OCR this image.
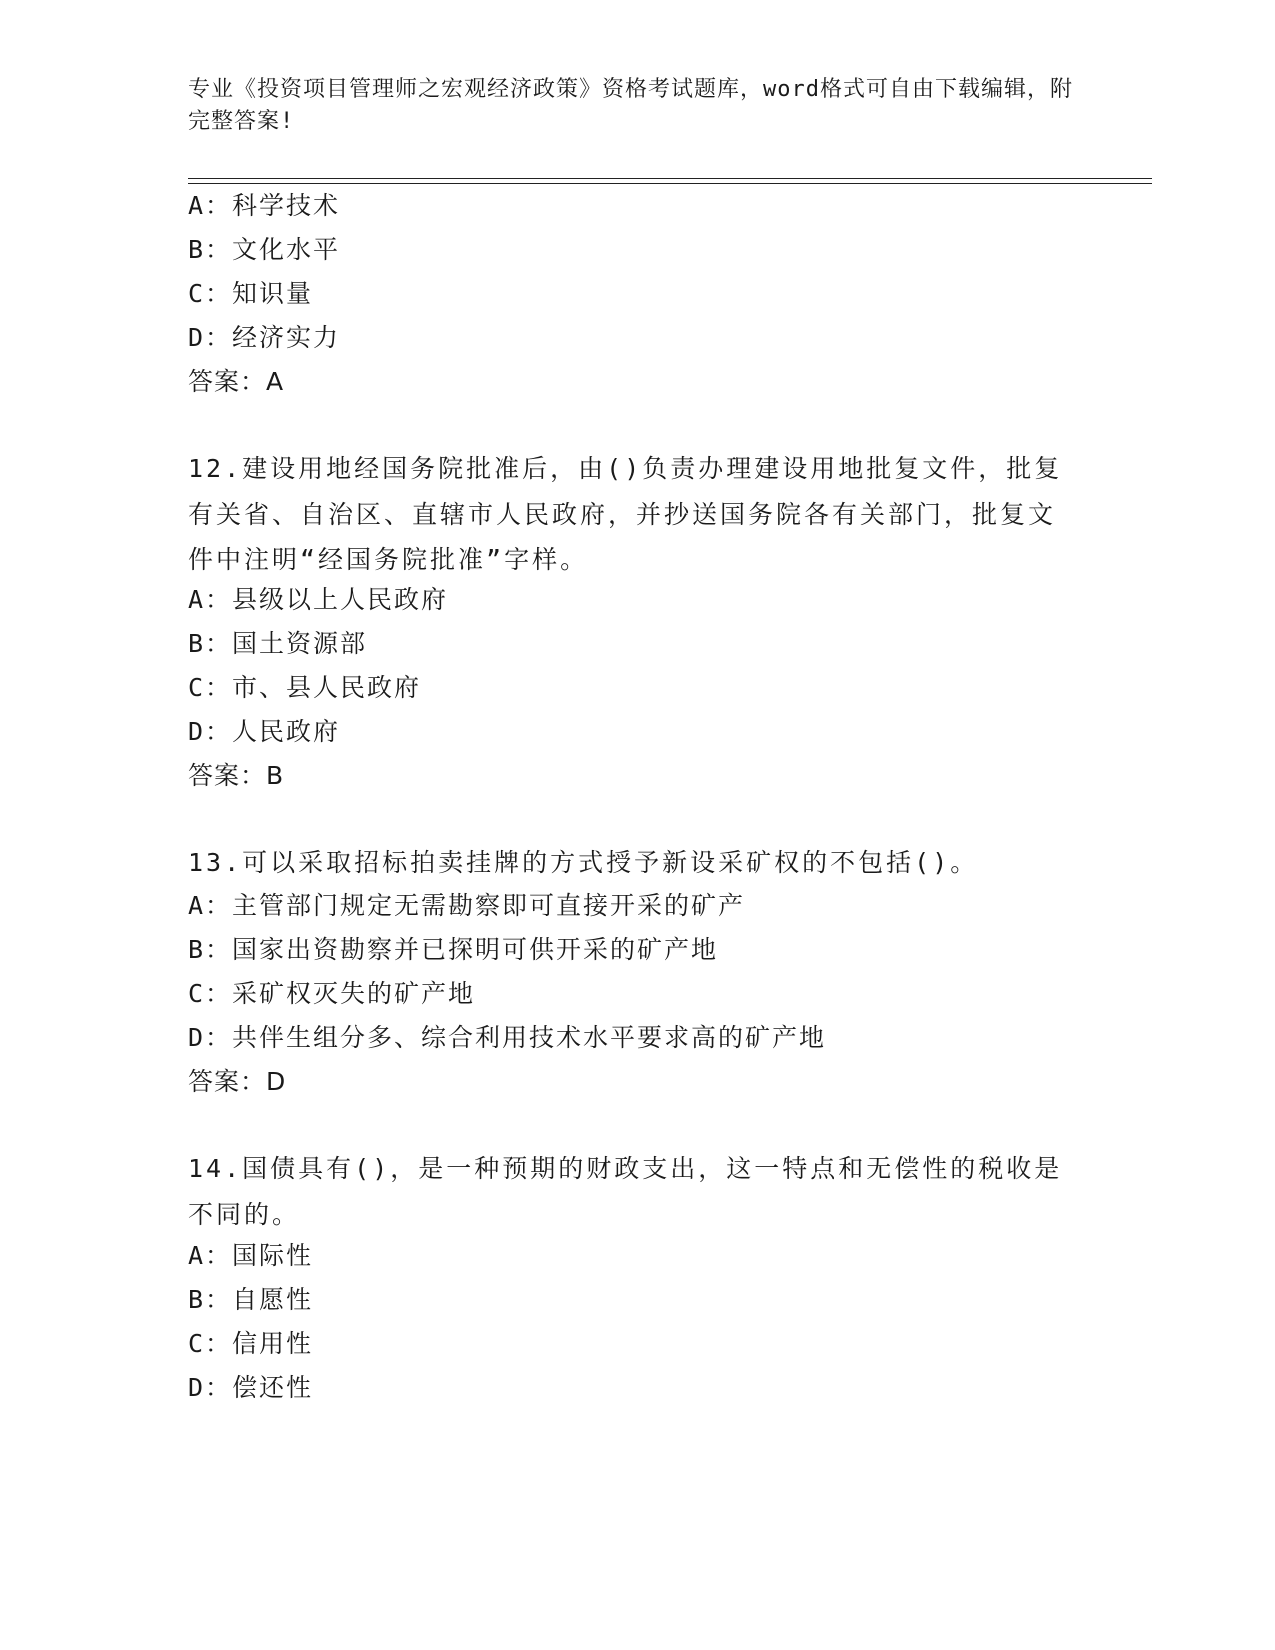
专业《投资项目管理师之宏观经济政策》资格考试题库，word格式可自由下载编辑，附完整答案!
A：科学技术
B：文化水平
C：知识量
D：经济实力
答案：A
12.建设用地经国务院批准后，由()负责办理建设用地批复文件，批复有关省、自治区、直辖市人民政府，并抄送国务院各有关部门，批复文件中注明“经国务院批准”字样。
A：县级以上人民政府
B：国土资源部
C：市、县人民政府
D：人民政府
答案：B
13.可以采取招标拍卖挂牌的方式授予新设采矿权的不包括()。
A：主管部门规定无需勘察即可直接开采的矿产
B：国家出资勘察并已探明可供开采的矿产地
C：采矿权灭失的矿产地
D：共伴生组分多、综合利用技术水平要求高的矿产地
答案：D
14.国债具有()，是一种预期的财政支出，这一特点和无偿性的税收是不同的。
A：国际性
B：自愿性
C：信用性
D：偿还性
